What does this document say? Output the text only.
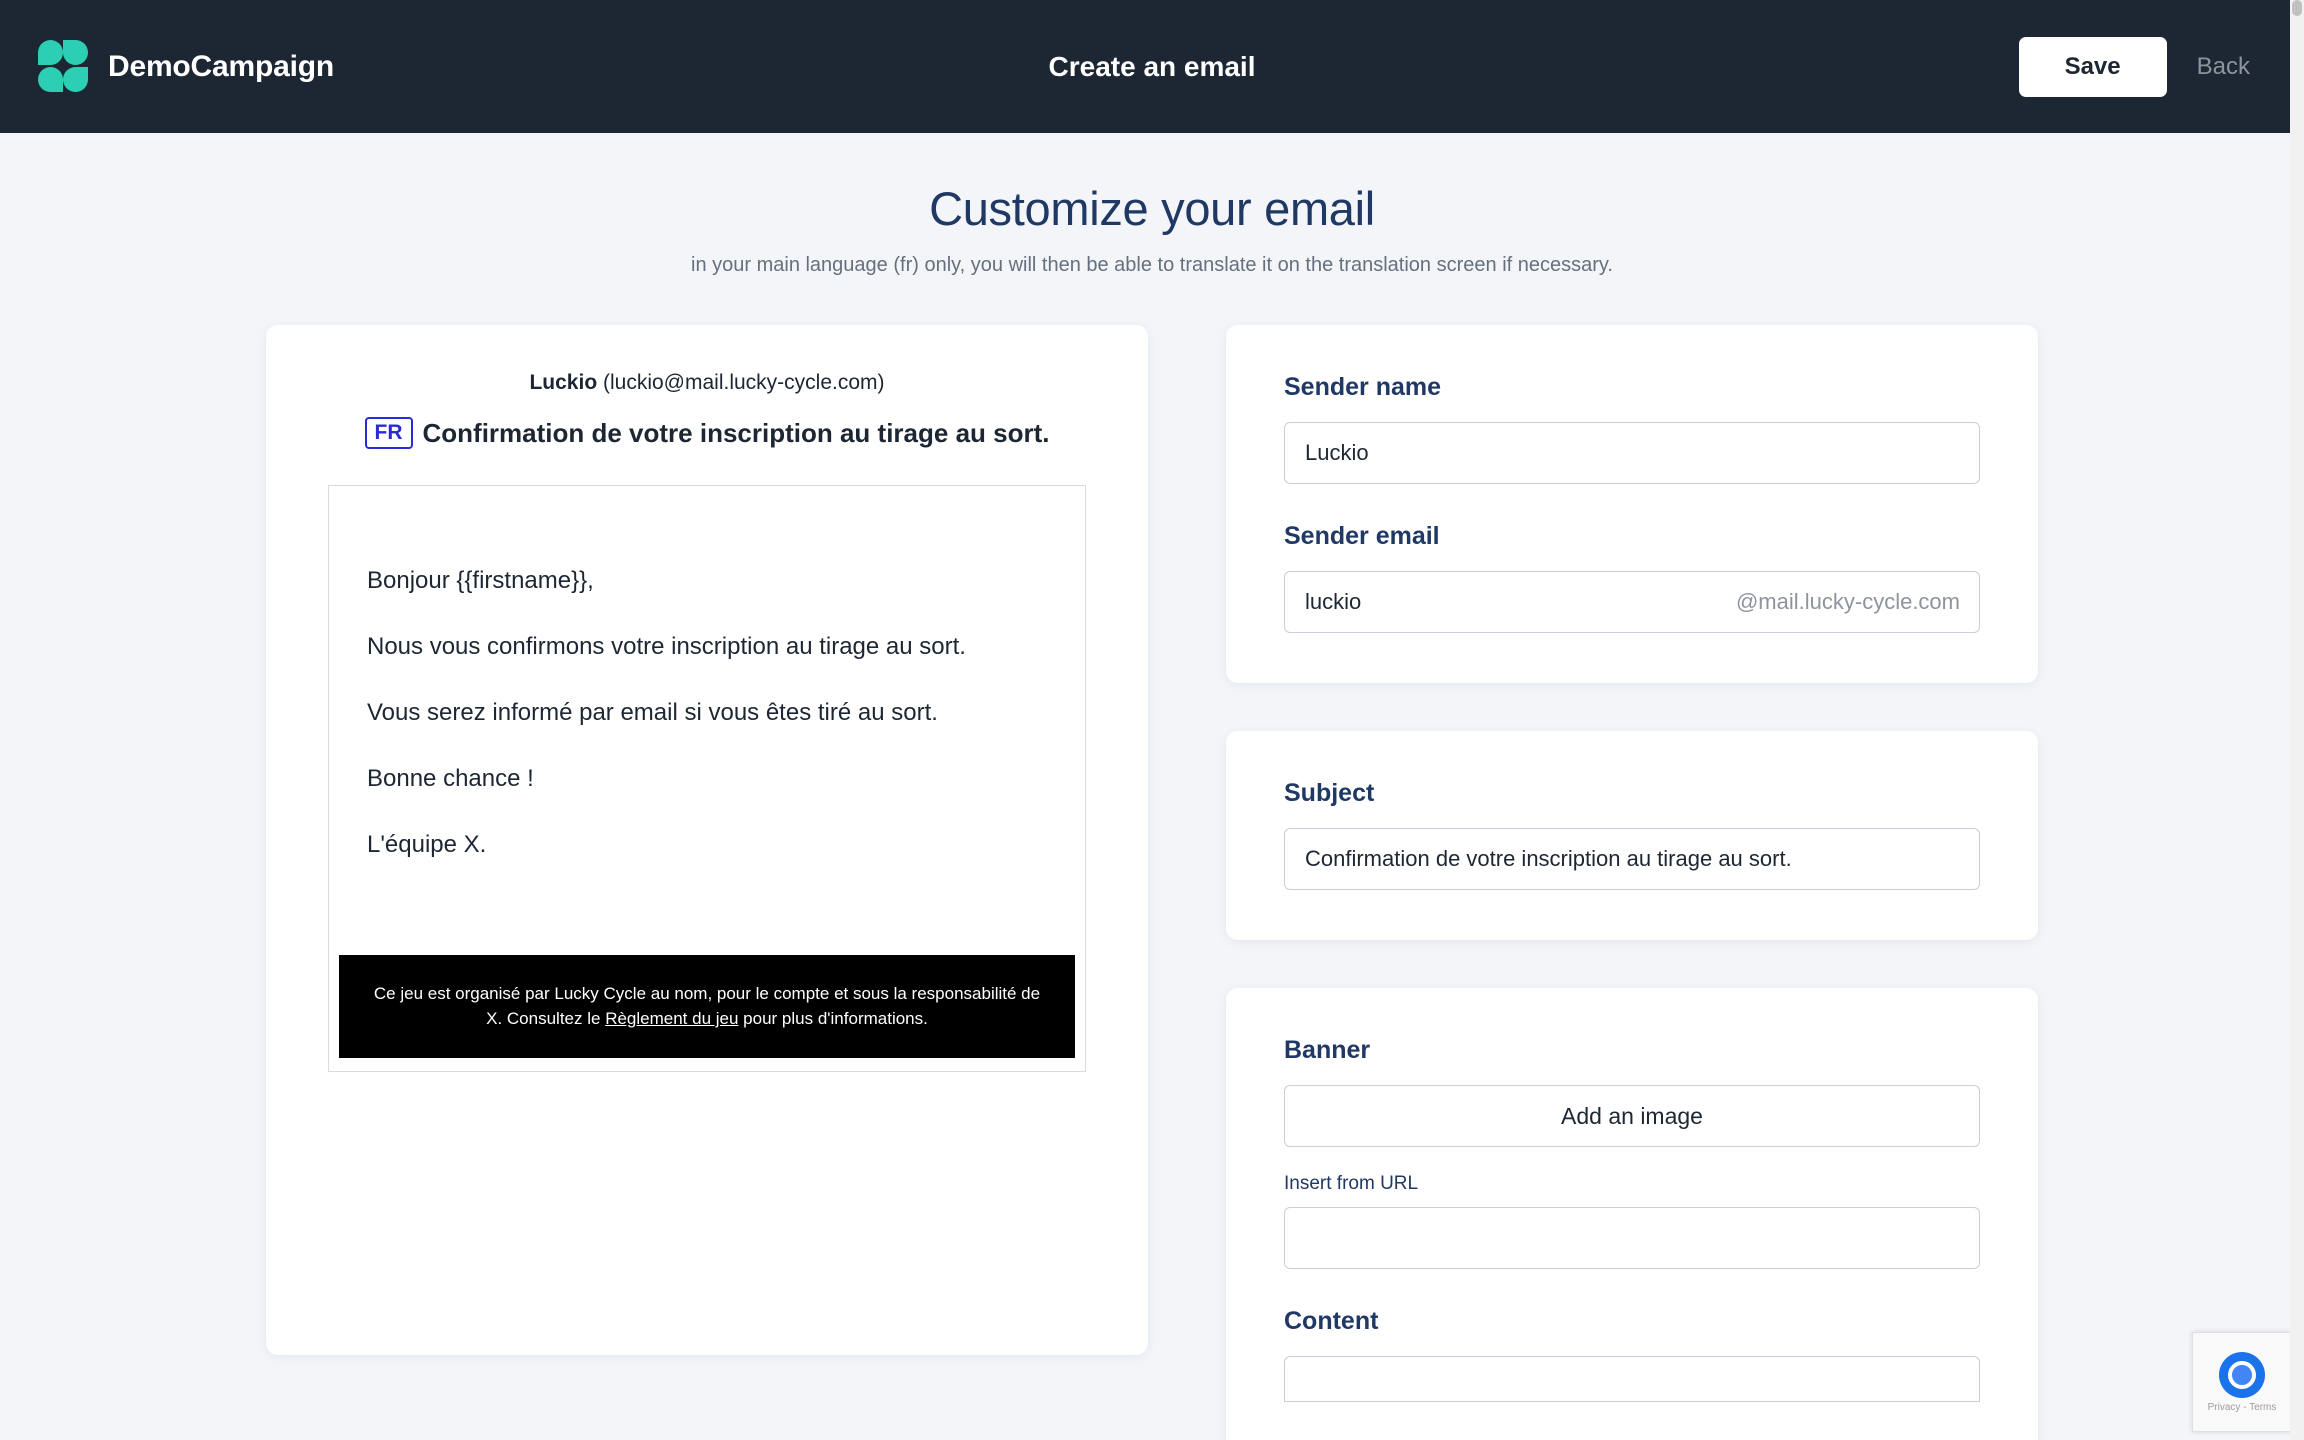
DemoCampaign	Create an email	Save	Back
Customize your email
in your main language (fr) only, you will then be able to translate it on the translation screen if necessary.
Luckio (luckio@mail.lucky-cycle.com)
FR Confirmation de votre inscription au tirage au sort.

Bonjour {{firstname}},

Nous vous confirmons votre inscription au tirage au sort.

Vous serez informé par email si vous êtes tiré au sort.

Bonne chance !

L'équipe X.

Ce jeu est organisé par Lucky Cycle au nom, pour le compte et sous la responsabilité de X. Consultez le Règlement du jeu pour plus d'informations.
Sender name
Luckio
Sender email
luckio
@mail.lucky-cycle.com
Subject
Confirmation de votre inscription au tirage au sort.
Banner
Add an image
Insert from URL
Content
Privacy - Terms
